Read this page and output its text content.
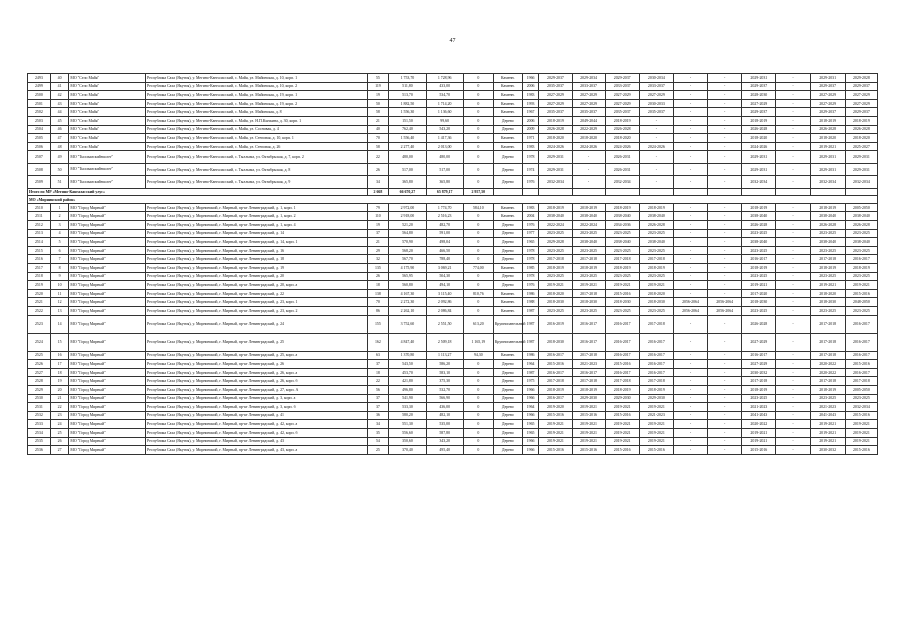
47
2493	40	МО "Село Майя"	Республика Саха (Якутия), у. Мегино-Кангаласский, с. Майя, ул. Майинская, д. 10, корп. 1	55	1 753,70	1 728,96	0	Каменн.	1966	2029-2037	2029-2034	2029-2037	2030-2034	-	-	2029-2031	-	2029-2031	2029-2028
2499	41	МО "Село Майя"	Республика Саха (Якутия), у. Мегино-Кангаласский, с. Майя, ул. Майинская, д. 10, корп. 2	119	511,80	433,00	0	Каменн.	2006	2035-2037	2033-2037	2033-2037	2033-2037	-	-	2029-2037	-	2029-2037	2029-2037
2500	42	МО "Село Майя"	Республика Саха (Якутия), у. Мегино-Кангаласский, с. Майя, ул. Майинская, д. 19, корп. 1	19	513,70	534,70	0	Каменн.	1983	2027-2029	2027-2029	2027-2029	2027-2029	-	-	2028-2030	-	2027-2029	2027-2029
2501	43	МО "Село Майя"	Республика Саха (Якутия), у. Мегино-Кангаласский, с. Майя, ул. Майинская, д. 19, корп. 2	50	1 882,50	1 714,20	0	Каменн.	1993	2027-2029	2027-2029	2027-2029	2030-2033	-	-	2027-2029	-	2027-2029	2027-2029
2502	44	МО "Село Майя"	Республика Саха (Якутия), у. Мегино-Кангаласский, с. Майя, ул. Майинская, д. 8	58	1 556,30	1 136,60	0	Каменн.	1967	2035-2037	2035-2037	2035-2037	2035-2037	-	-	2029-2037	-	2029-2037	2029-2037
2503	45	МО "Село Майя"	Республика Саха (Якутия), у. Мегино-Кангаласский, с. Майя, ул. Н.П.Кычкина, д. 30, корп. 1	21	151,50	99,60	0	Дерево	2006	2018-2019	2049-2044	2018-2019	-	-	-	2018-2019	-	2018-2019	2018-2019
2504	46	МО "Село Майя"	Республика Саха (Якутия), у. Мегино-Кангаласский, с. Майя, ул. Сосновая, д. 4	40	762,40	543,20	0	Дерево	2009	2026-2028	2022-2029	2026-2028	-	-	-	2026-2028	-	2026-2028	2026-2028
2505	47	МО "Село Майя"	Республика Саха (Якутия), у. Мегино-Кангаласский, с. Майя, ул. Степовая, д. 10, корп. 1	70	1 556,40	1 417,36	0	Каменн.	1971	2018-2020	2018-2020	2018-2020	-	-	-	2018-2020	-	2018-2020	2018-2020
2506	48	МО "Село Майя"	Республика Саха (Якутия), у. Мегино-Кангаласский, с. Майя, ул. Степовая, д. 26	58	2 277,40	2 013,00	0	Каменн.	1983	2024-2026	2024-2026	2024-2026	2024-2026	-	-	2024-2026	-	2019-2021	2025-2027
2507	49	МО "Тыллымскийнаслег"	Республика Саха (Якутия), у. Мегино-Кангаласский, с. Тыллыма, ул. Октябрьская, д. 7, корп. 2	22	480,00	480,00	0	Дерево	1978	2029-2031	-	2026-2031	-	-	-	2029-2031	-	2029-2031	2029-2031
2508	50	МО "Тыллымскийнаслег"	Республика Саха (Якутия), у. Мегино-Кангаласский, с. Тыллыма, ул. Октябрьская, д. 8	26	517,00	517,00	0	Дерево	1974	2029-2031	-	2026-2031	-	-	-	2029-2031	-	2029-2031	2029-2031
2509	51	МО "Тыллымскийнаслег"	Республика Саха (Якутия), у. Мегино-Кангаласский, с. Тыллыма, ул. Октябрьская, д. 9	34	365,80	365,80	0	Дерево	1976	2032-2034	-	2032-2034	-	-	-	2032-2034	-	2032-2034	2032-2034
Итого по МР «Мегино-Кангаласский улус»				2 668	66 670,27	65 879,17	2 957,50												
МО «Мирнинский район»																			
2510	1	МО "Город Мирный"	Республика Саха (Якутия), у. Мирнинский, г. Мирный, пр-кт Ленинградский, д. 1, корп. 1	79	2 972,00	1 774,70	584,10	Каменн.	1983	2018-2019	2018-2019	2018-2019	2018-2019	-	-	2018-2019	-	2018-2019	2005-2050
2511	2	МО "Город Мирный"	Республика Саха (Якутия), у. Мирнинский, г. Мирный, пр-кт Ленинградский, д. 1, корп. 2	110	2 918,00	2 516,23	0	Каменн.	2004	2038-2040	2038-2040	2038-2040	2038-2040	-	-	2038-2040	-	2038-2040	2038-2040
2512	3	МО "Город Мирный"	Республика Саха (Якутия), у. Мирнинский, г. Мирный, пр-кт Ленинградский, д. 1, корп. 4	19	521,20	482,70	0	Дерево	1976	2022-2024	2022-2024	2034-2036	2026-2028	-	-	2026-2028	-	2026-2028	2026-2028
2513	4	МО "Город Мирный"	Республика Саха (Якутия), у. Мирнинский, г. Мирный, пр-кт Ленинградский, д. 14	37	564,80	591,00	0	Дерево	1977	2023-2025	2023-2025	2023-2025	2023-2025	-	-	2023-2025	-	2023-2025	2023-2025
2514	5	МО "Город Мирный"	Республика Саха (Якутия), у. Мирнинский, г. Мирный, пр-кт Ленинградский, д. 14, корп. 1	21	570,90	498,04	0	Дерево	1965	2029-2028	2038-2040	2038-2040	2038-2040	-	-	2038-2040	-	2038-2040	2038-2040
2515	6	МО "Город Мирный"	Республика Саха (Якутия), у. Мирнинский, г. Мирный, пр-кт Ленинградский, д. 16	29	568,20	466,50	0	Дерево	1978	2023-2025	2023-2025	2023-2025	2023-2025	-	-	2023-2025	-	2023-2025	2023-2025
2516	7	МО "Город Мирный"	Республика Саха (Якутия), у. Мирнинский, г. Мирный, пр-кт Ленинградский, д. 18	32	567,70	788,40	0	Дерево	1978	2017-2018	2017-2018	2017-2018	2017-2018	-	-	2016-2017	-	2017-2018	2016-2017
2517	8	МО "Город Мирный"	Республика Саха (Якутия), у. Мирнинский, г. Мирный, пр-кт Ленинградский, д. 19	135	4 175,90	3 069,21	774,00	Каменн.	1985	2018-2019	2018-2019	2018-2019	2018-2019	-	-	2018-2019	-	2018-2019	2018-2019
2518	9	МО "Город Мирный"	Республика Саха (Якутия), у. Мирнинский, г. Мирный, пр-кт Ленинградский, д. 20	26	565,95	504,30	0	Дерево	1978	2023-2025	2023-2025	2023-2025	2023-2025	-	-	2023-2025	-	2023-2025	2023-2025
2519	10	МО "Город Мирный"	Республика Саха (Якутия), у. Мирнинский, г. Мирный, пр-кт Ленинградский, д. 20, корп. а	18	560,80	494,10	0	Дерево	1976	2019-2021	2019-2021	2019-2021	2019-2021	-	-	2019-2021	-	2019-2021	2019-2021
2520	11	МО "Город Мирный"	Республика Саха (Якутия), у. Мирнинский, г. Мирный, пр-кт Ленинградский, д. 22	138	4 167,30	3 115,40	810,76	Каменн.	1986	2018-2020	2017-2018	2015-2016	2018-2020	-	-	2017-2020	-	2018-2020	2015-2016
2521	12	МО "Город Мирный"	Республика Саха (Якутия), у. Мирнинский, г. Мирный, пр-кт Ленинградский, д. 23, корп. 1	70	2 272,30	2 092,86	0	Каменн.	1988	2018-2030	2018-2030	2018-2030	2018-2030	2056-2064	2056-2064	2018-2030	-	2018-2030	2048-2050
2522	13	МО "Город Мирный"	Республика Саха (Якутия), у. Мирнинский, г. Мирный, пр-кт Ленинградский, д. 23, корп. 2	86	2 262,10	2 086,84	0	Каменн.	1987	2023-2025	2023-2025	2023-2025	2023-2025	2056-2064	2056-2064	2023-2025	-	2023-2025	2023-2025
2523	14	МО "Город Мирный"	Республика Саха (Якутия), у. Мирнинский, г. Мирный, пр-кт Ленинградский, д. 24	155	3 752,60	2 551,50	613,20	Крупнопанельный	1987	2016-2019	2016-2017	2016-2017	2017-2018	-	-	2026-2028	-	2017-2018	2016-2017
2524	15	МО "Город Мирный"	Республика Саха (Якутия), у. Мирнинский, г. Мирный, пр-кт Ленинградский, д. 25	162	4 847,40	2 509,18	1 165,19	Крупнопанельный	1987	2018-2030	2016-2017	2016-2017	2016-2017	-	-	2027-2029	-	2017-2018	2016-2017
2525	16	МО "Город Мирный"	Республика Саха (Якутия), у. Мирнинский, г. Мирный, пр-кт Ленинградский, д. 25, корп. а	63	1 370,80	1 113,27	94,30	Каменн.	1986	2016-2017	2017-2018	2016-2017	2016-2017	-	-	2016-2017	-	2017-2018	2016-2017
2526	17	МО "Город Мирный"	Республика Саха (Якутия), у. Мирнинский, г. Мирный, пр-кт Ленинградский, д. 26	37	543,50	586,20	0	Дерево	1964	2015-2016	2021-2023	2015-2016	2016-2017	-	-	2027-2029	-	2020-2022	2015-2016
2527	18	МО "Город Мирный"	Республика Саха (Якутия), у. Мирнинский, г. Мирный, пр-кт Ленинградский, д. 26, корп. а	18	453,70	583,10	0	Дерево	1987	2016-2017	2016-2017	2016-2017	2016-2017	-	-	2030-2032	-	2020-2022	2016-2017
2528	19	МО "Город Мирный"	Республика Саха (Якутия), у. Мирнинский, г. Мирный, пр-кт Ленинградский, д. 26, корп. б	22	421,80	375,30	0	Дерево	1975	2017-2018	2017-2018	2017-2018	2017-2018	-	-	2017-2018	-	2017-2018	2017-2018
2529	20	МО "Город Мирный"	Республика Саха (Якутия), у. Мирнинский, г. Мирный, пр-кт Ленинградский, д. 27, корп. А	56	496,80	532,70	0	Дерево	1966	2018-2019	2018-2019	2018-2019	2018-2019	-	-	2018-2019	-	2018-2019	2005-2050
2530	21	МО "Город Мирный"	Республика Саха (Якутия), у. Мирнинский, г. Мирный, пр-кт Ленинградский, д. 3, корп. а	37	541,90	566,90	0	Дерево	1966	2016-2017	2029-2030	2029-2030	2029-2030	-	-	2023-2025	-	2023-2025	2023-2025
2531	22	МО "Город Мирный"	Республика Саха (Якутия), у. Мирнинский, г. Мирный, пр-кт Ленинградский, д. 3, корп. б	37	533,30	436,00	0	Дерево	1964	2019-2020	2019-2021	2019-2021	2019-2021	-	-	2021-2023	-	2021-2023	2032-2034
2532	23	МО "Город Мирный"	Республика Саха (Якутия), у. Мирнинский, г. Мирный, пр-кт Ленинградский, д. 41	36	580,20	482,10	0	Дерево	1966	2015-2016	2015-2016	2015-2016	2021-2023	-	-	2041-2043	-	2041-2043	2015-2016
2533	24	МО "Город Мирный"	Республика Саха (Якутия), у. Мирнинский, г. Мирный, пр-кт Ленинградский, д. 42, корп. а	34	551,30	535,00	0	Дерево	1965	2019-2021	2019-2021	2019-2021	2019-2021	-	-	2020-2022	-	2019-2021	2019-2021
2534	25	МО "Город Мирный"	Республика Саха (Якутия), у. Мирнинский, г. Мирный, пр-кт Ленинградский, д. 42, корп. б	35	556,60	587,80	0	Дерево	1965	2019-2021	2019-2021	2019-2021	2019-2021	-	-	2019-2021	-	2019-2021	2019-2021
2535	26	МО "Город Мирный"	Республика Саха (Якутия), у. Мирнинский, г. Мирный, пр-кт Ленинградский, д. 43	54	350,60	343,20	0	Дерево	1966	2019-2021	2019-2021	2019-2021	2019-2021	-	-	2019-2021	-	2019-2021	2019-2021
2536	27	МО "Город Мирный"	Республика Саха (Якутия), у. Мирнинский, г. Мирный, пр-кт Ленинградский, д. 43, корп. а	25	370,40	495,40	0	Дерево	1966	2015-2016	2015-2016	2015-2016	2015-2016	-	-	2015-2016	-	2030-2032	2015-2016
